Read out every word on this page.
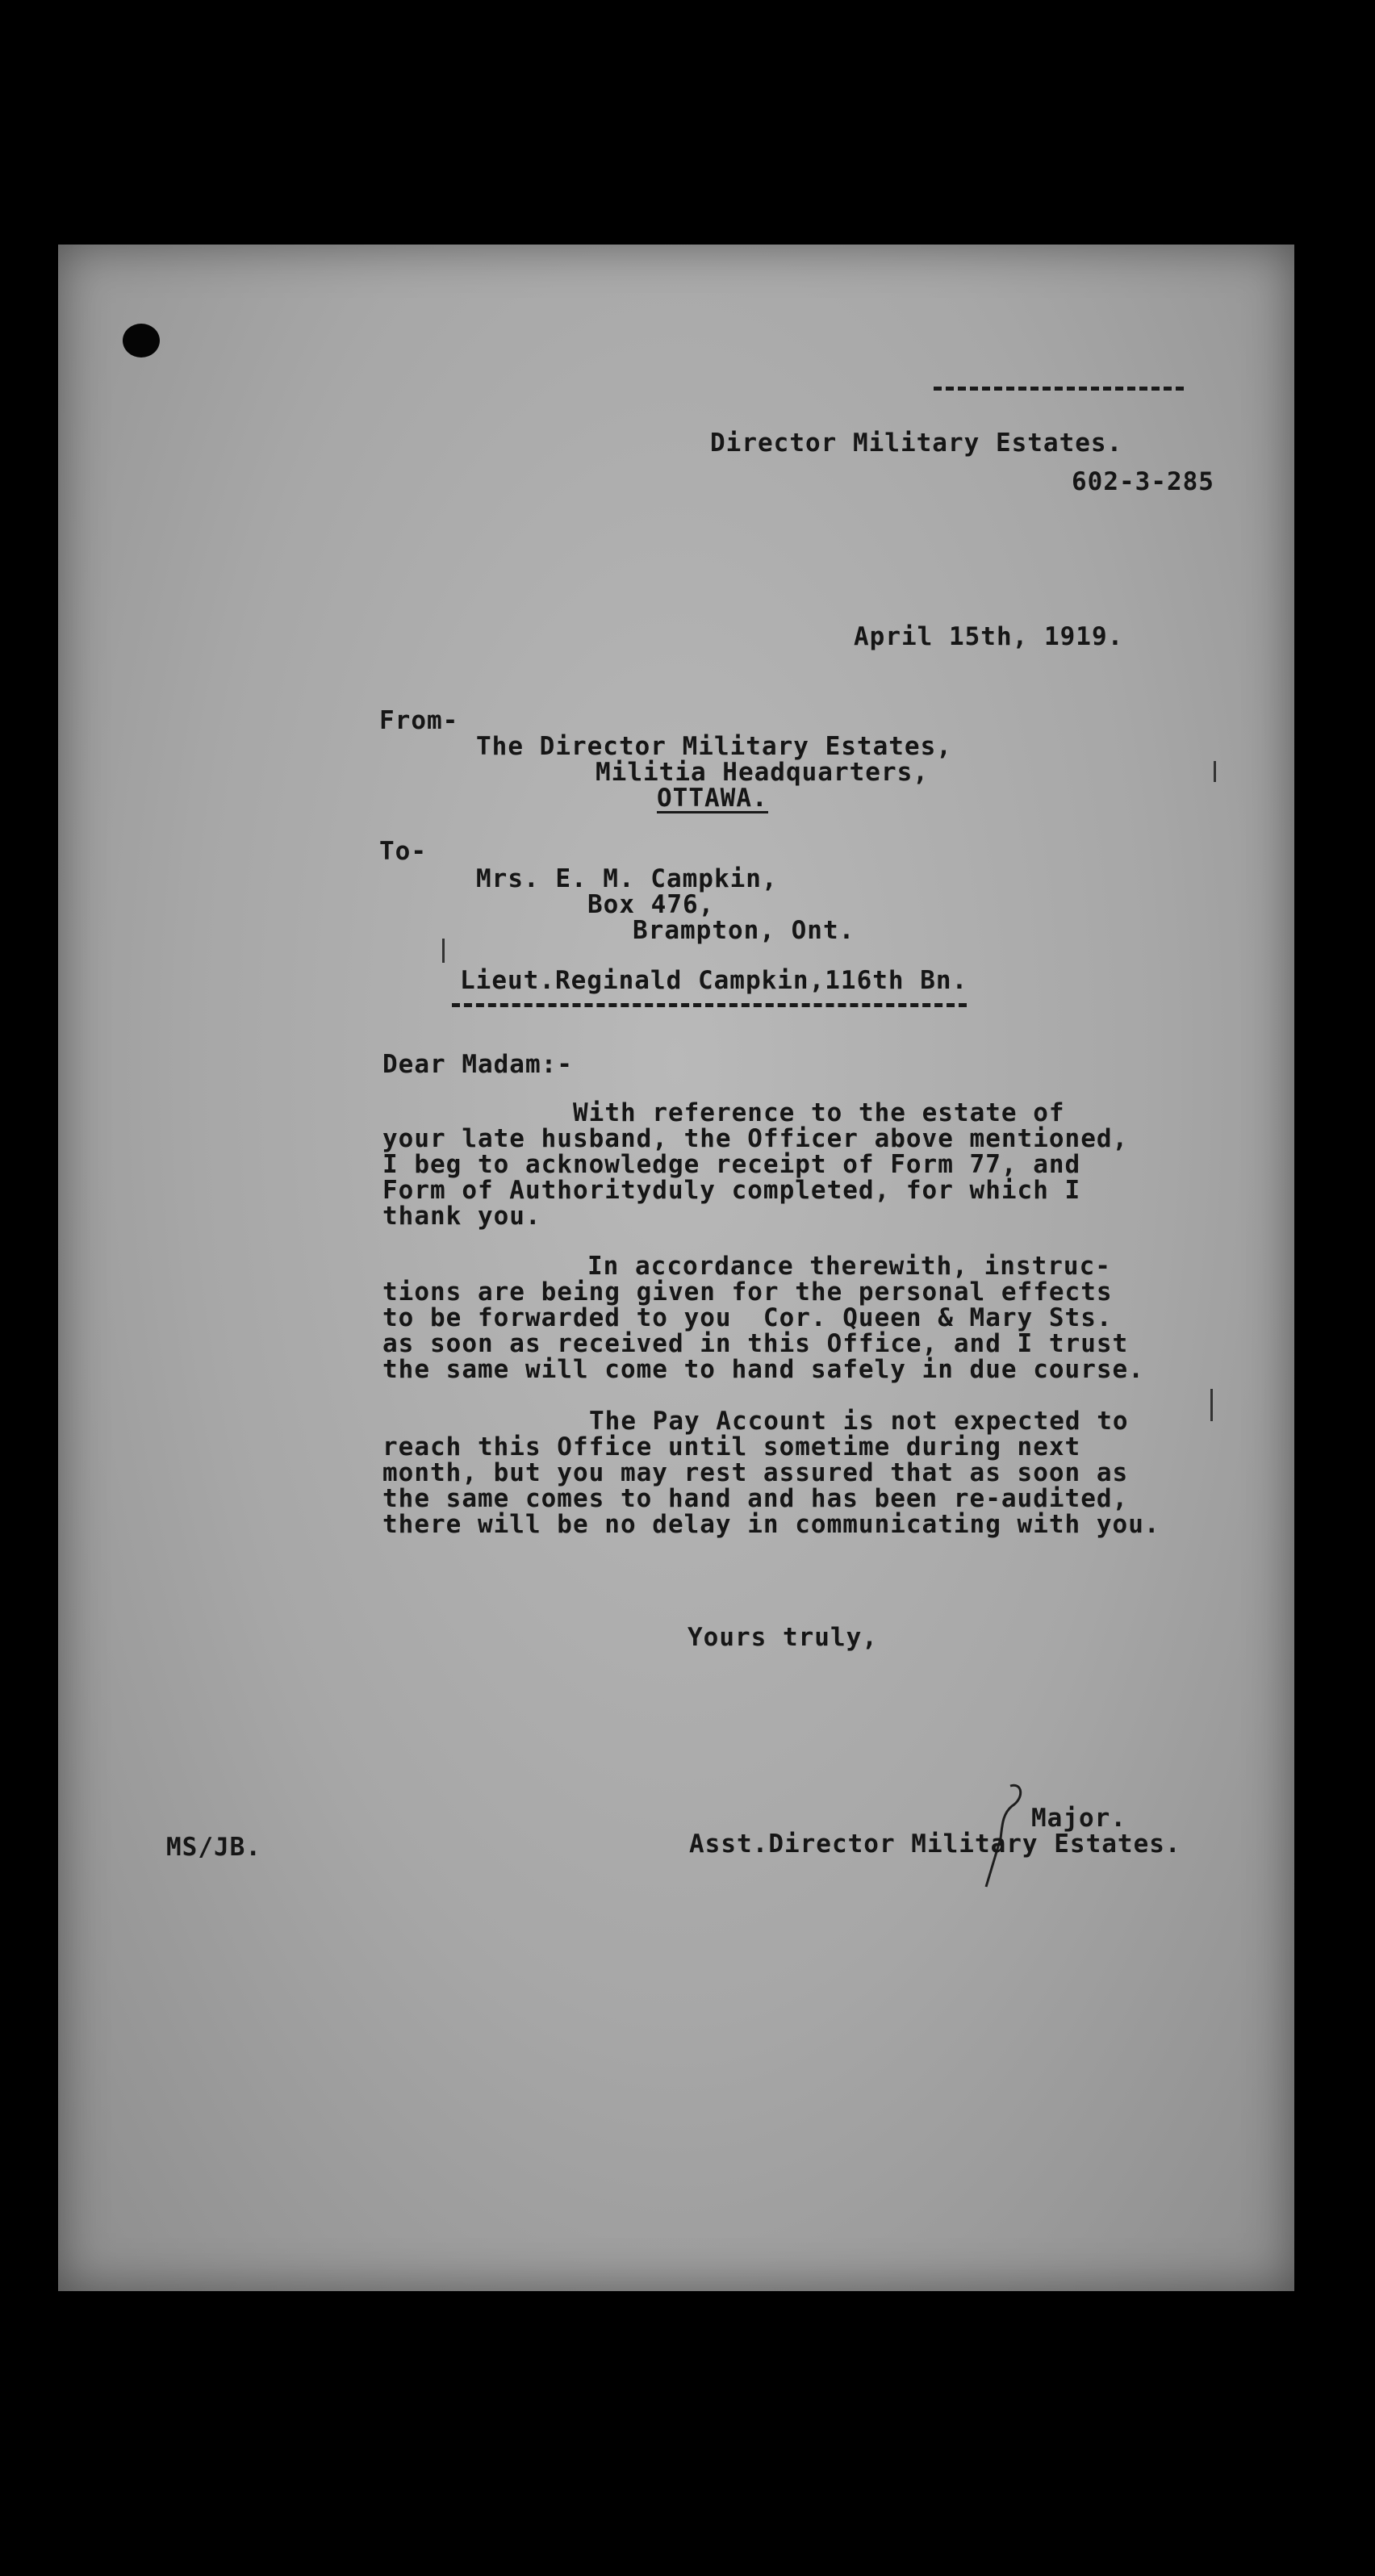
Director Military Estates.
602-3-285
April 15th, 1919.
From-
The Director Military Estates,
Militia Headquarters,
OTTAWA.
To-
Mrs. E. M. Campkin,
Box 476,
Brampton, Ont.
Lieut.Reginald Campkin,116th Bn.
Dear Madam:-
With reference to the estate of
your late husband, the Officer above mentioned,
I beg to acknowledge receipt of Form 77, and
Form of Authorityduly completed, for which I
thank you.
In accordance therewith, instruc-
tions are being given for the personal effects
to be forwarded to you  Cor. Queen & Mary Sts.
as soon as received in this Office, and I trust
the same will come to hand safely in due course.
The Pay Account is not expected to
reach this Office until sometime during next
month, but you may rest assured that as soon as
the same comes to hand and has been re-audited,
there will be no delay in communicating with you.
Yours truly,
Major.
Asst.Director Military Estates.
MS/JB.
